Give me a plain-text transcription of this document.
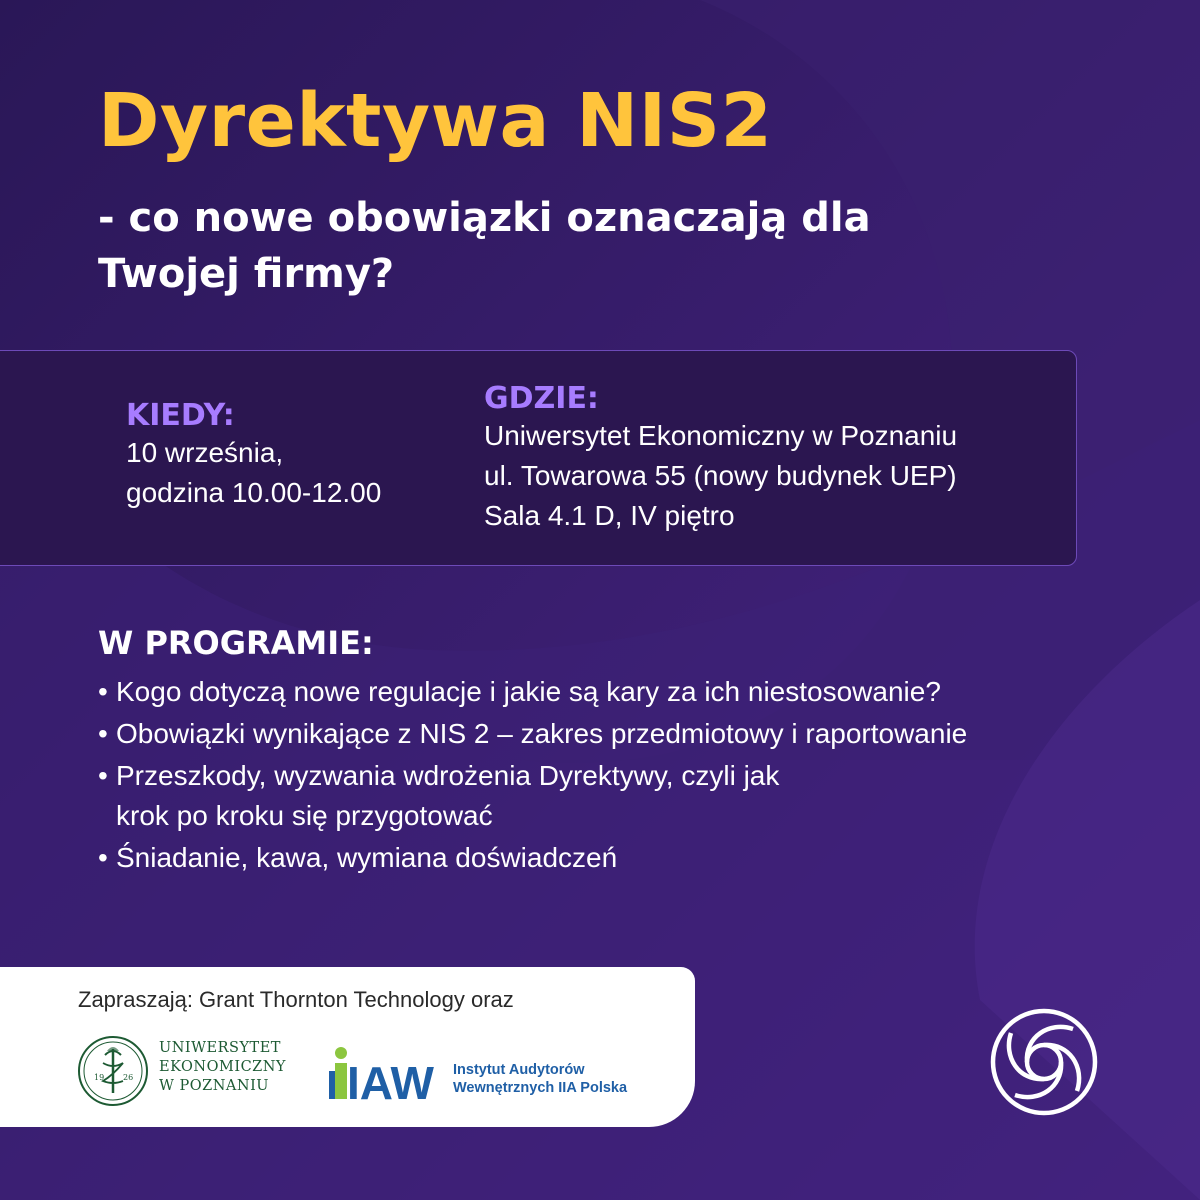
Dyrektywa NIS2
- co nowe obowiązki oznaczają dla
Twojej firmy?

KIEDY:

10 września,

godzina 10.00-12.00

GDZIE:

Uniwersytet Ekonomiczny w Poznaniu

ul. Towarowa 55 (nowy budynek UEP)

Sala 4.1 D, IV piętro

W PROGRAMIE:
• Kogo dotyczą nowe regulacje i jakie są kary za ich niestosowanie?
• Obowiązki wynikające z NIS 2 – zakres przedmiotowy i raportowanie
• Przeszkody, wyzwania wdrożenia Dyrektywy, czyli jak
krok po kroku się przygotować
• Śniadanie, kawa, wymiana doświadczeń

Zapraszają: Grant Thornton Technology oraz

19 26

UNIWERSYTET
EKONOMICZNY
W POZNANIU	IAW Instytut Audytorów
Wewnętrznych IIA Polska
